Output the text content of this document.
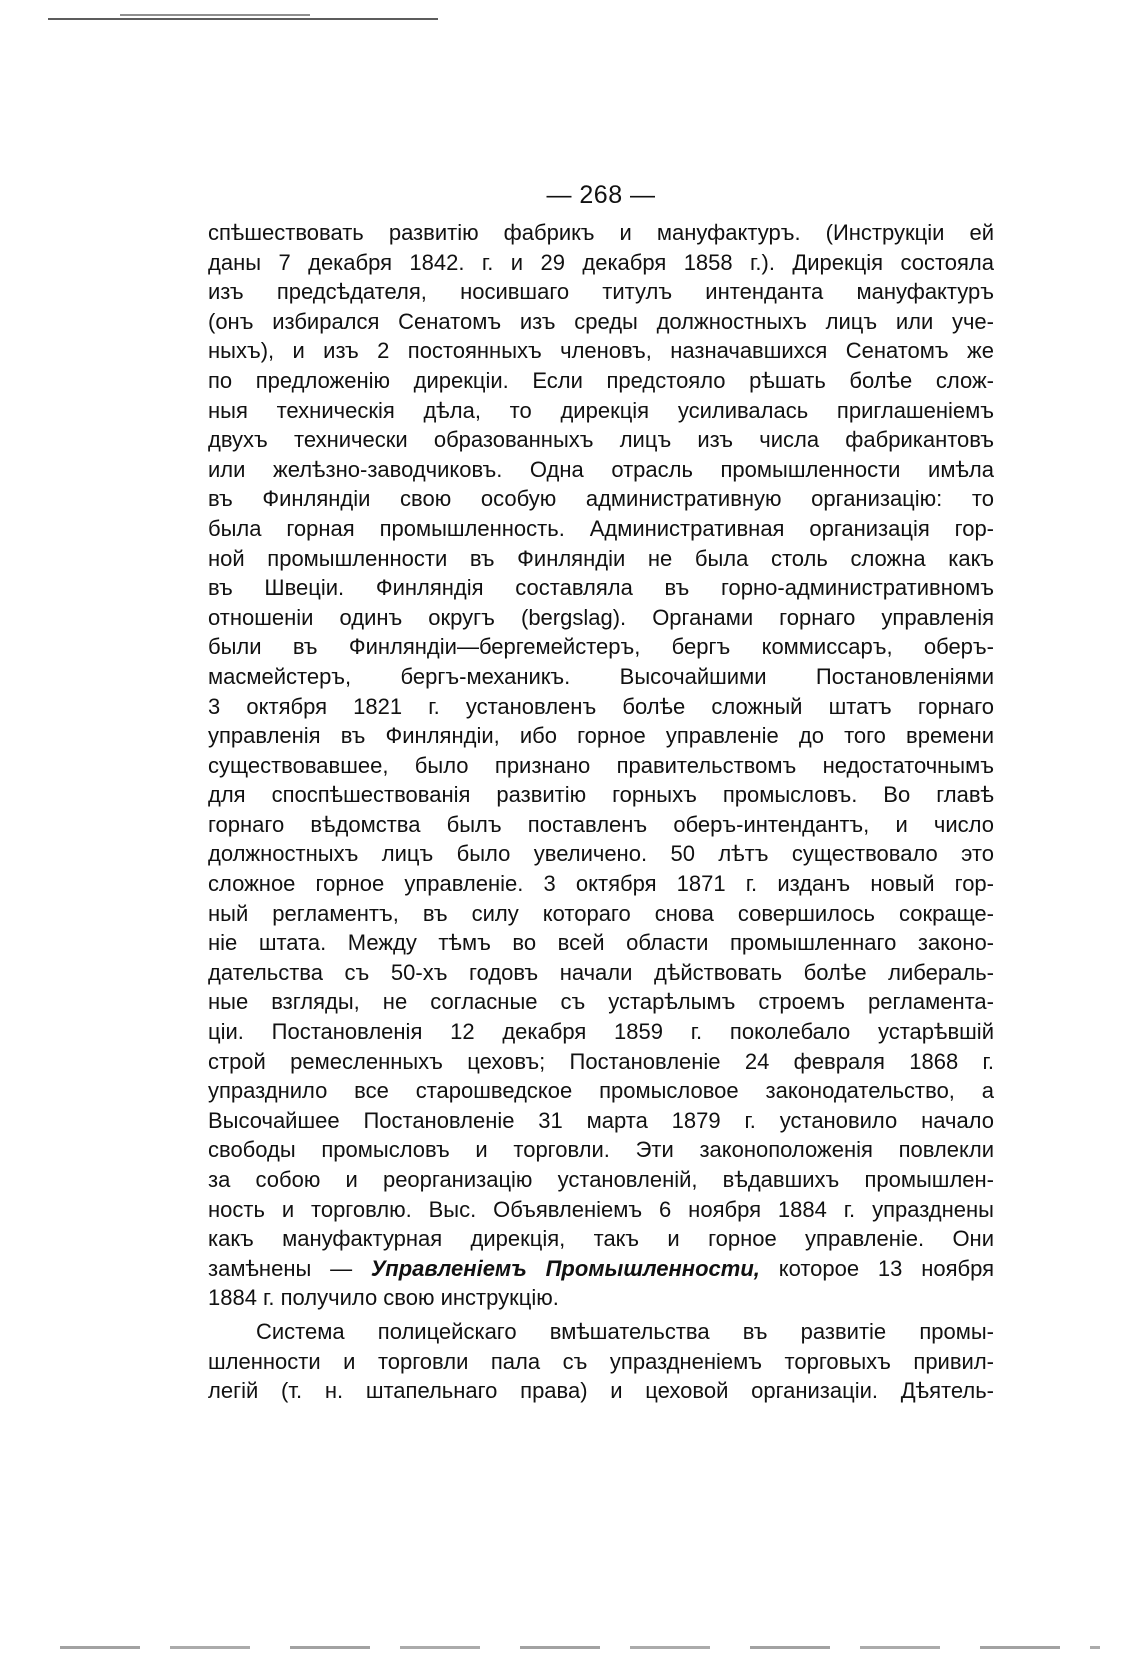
— 268 —
спѣшествовать развитію фабрикъ и мануфактуръ. (Инструкціи ей
даны 7 декабря 1842. г. и 29 декабря 1858 г.). Дирекція состояла
изъ предсѣдателя, носившаго титулъ интенданта мануфактуръ
(онъ избирался Сенатомъ изъ среды должностныхъ лицъ или уче-
ныхъ), и изъ 2 постоянныхъ членовъ, назначавшихся Сенатомъ же
по предложенію дирекціи. Если предстояло рѣшать болѣе слож-
ныя техническія дѣла, то дирекція усиливалась приглашеніемъ
двухъ технически образованныхъ лицъ изъ числа фабрикантовъ
или желѣзно-заводчиковъ. Одна отрасль промышленности имѣла
въ Финляндіи свою особую административную организацію: то
была горная промышленность. Административная организація гор-
ной промышленности въ Финляндіи не была столь сложна какъ
въ Швеціи. Финляндія составляла въ горно-административномъ
отношеніи одинъ округъ (bergslag). Органами горнаго управленія
были въ Финляндіи—бергемейстеръ, бергъ коммиссаръ, оберъ-
масмейстеръ, бергъ-механикъ. Высочайшими Постановленіями
3 октября 1821 г. установленъ болѣе сложный штатъ горнаго
управленія въ Финляндіи, ибо горное управленіе до того времени
существовавшее, было признано правительствомъ недостаточнымъ
для споспѣшествованія развитію горныхъ промысловъ. Во главѣ
горнаго вѣдомства былъ поставленъ оберъ-интендантъ, и число
должностныхъ лицъ было увеличено. 50 лѣтъ существовало это
сложное горное управленіе. 3 октября 1871 г. изданъ новый гор-
ный регламентъ, въ силу котораго снова совершилось сокраще-
ніе штата. Между тѣмъ во всей области промышленнаго законо-
дательства съ 50-хъ годовъ начали дѣйствовать болѣе либераль-
ные взгляды, не согласные съ устарѣлымъ строемъ регламента-
ціи. Постановленія 12 декабря 1859 г. поколебало устарѣвшій
строй ремесленныхъ цеховъ; Постановленіе 24 февраля 1868 г.
упразднило все старошведское промысловое законодательство, а
Высочайшее Постановленіе 31 марта 1879 г. установило начало
свободы промысловъ и торговли. Эти законоположенія повлекли
за собою и реорганизацію установленій, вѣдавшихъ промышлен-
ность и торговлю. Выс. Объявленіемъ 6 ноября 1884 г. упразднены
какъ мануфактурная дирекція, такъ и горное управленіе. Они
замѣнены — Управленіемъ Промышленности, которое 13 ноября
1884 г. получило свою инструкцію.
Система полицейскаго вмѣшательства въ развитіе промы-
шленности и торговли пала съ упраздненіемъ торговыхъ привил-
легій (т. н. штапельнаго права) и цеховой организаціи. Дѣятель-
